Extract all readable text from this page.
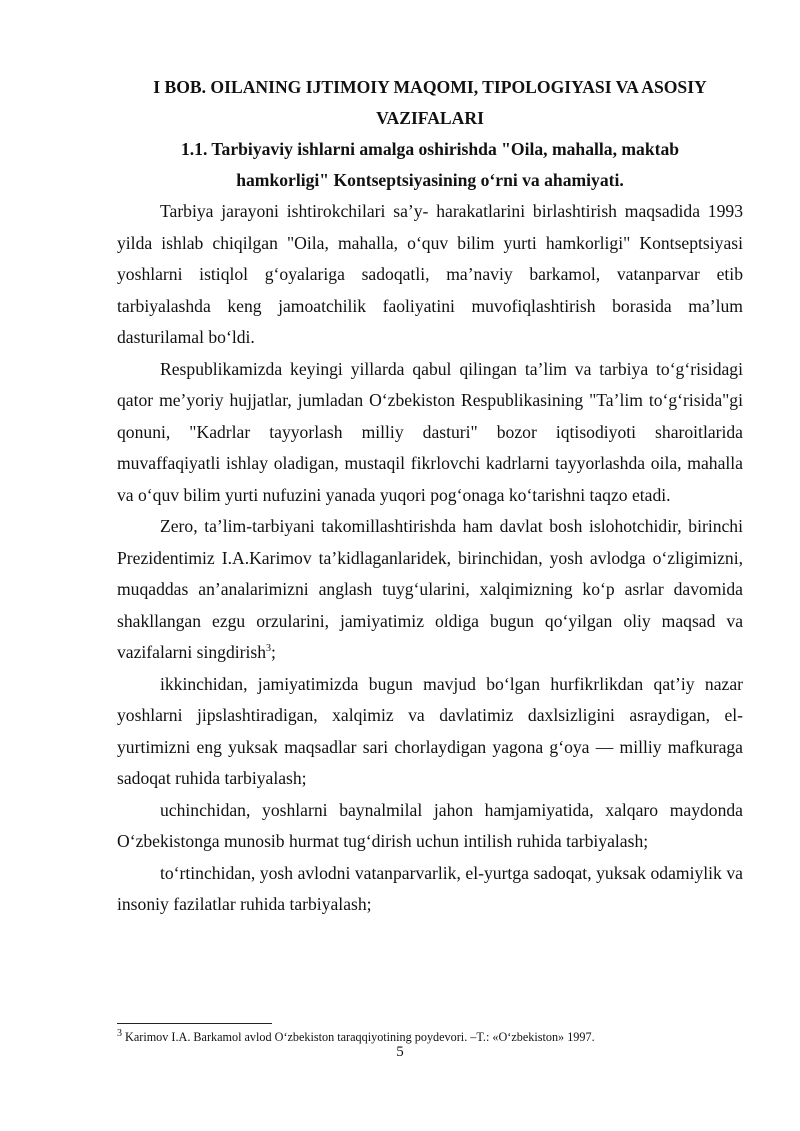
I BOB. OILANING IJTIMOIY MAQOMI, TIPOLOGIYASI VA ASOSIY VAZIFALARI

1.1. Tarbiyaviy ishlarni amalga oshirishda "Oila, mahalla, maktab hamkorligi" Kontseptsiyasining o‘rni va ahamiyati.

Tarbiya jarayoni ishtirokchilari sa’y- harakatlarini birlashtirish maqsadida 1993 yilda ishlab chiqilgan "Oila, mahalla, o‘quv bilim yurti hamkorligi" Kontseptsiyasi yoshlarni istiqlol g‘oyalariga sadoqatli, ma’naviy barkamol, vatanparvar etib tarbiyalashda keng jamoatchilik faoliyatini muvofiqlashtirish borasida ma’lum dasturilamal bo‘ldi.

Respublikamizda keyingi yillarda qabul qilingan ta’lim va tarbiya to‘g‘risidagi qator me’yoriy hujjatlar, jumladan O‘zbekiston Respublikasining "Ta’lim to‘g‘risida"gi qonuni, "Kadrlar tayyorlash milliy dasturi" bozor iqtisodiyoti sharoitlarida muvaffaqiyatli ishlay oladigan, mustaqil fikrlovchi kadrlarni tayyorlashda oila, mahalla va o‘quv bilim yurti nufuzini yanada yuqori pog‘onaga ko‘tarishni taqzo etadi.

Zero, ta’lim-tarbiyani takomillashtirishda ham davlat bosh islohotchidir, birinchi Prezidentimiz I.A.Karimov ta’kidlaganlaridek, birinchidan, yosh avlodga o‘zligimizni, muqaddas an’analarimizni anglash tuyg‘ularini, xalqimizning ko‘p asrlar davomida shakllangan ezgu orzularini, jamiyatimiz oldiga bugun qo‘yilgan oliy maqsad va vazifalarni singdirish$^3$;

ikkinchidan, jamiyatimizda bugun mavjud bo‘lgan hurfikrlikdan qat’iy nazar yoshlarni jipslashtiradigan, xalqimiz va davlatimiz daxlsizligini asraydigan, el-yurtimizni eng yuksak maqsadlar sari chorlaydigan yagona g‘oya — milliy mafkuraga sadoqat ruhida tarbiyalash;

uchinchidan, yoshlarni baynalmilal jahon hamjamiyatida, xalqaro maydonda O‘zbekistonga munosib hurmat tug‘dirish uchun intilish ruhida tarbiyalash;

to‘rtinchidan, yosh avlodni vatanparvarlik, el-yurtga sadoqat, yuksak odamiylik va insoniy fazilatlar ruhida tarbiyalash;

$^3$ Karimov I.A. Barkamol avlod O‘zbekiston taraqqiyotining poydevori. –T.: «O‘zbekiston» 1997.
5
